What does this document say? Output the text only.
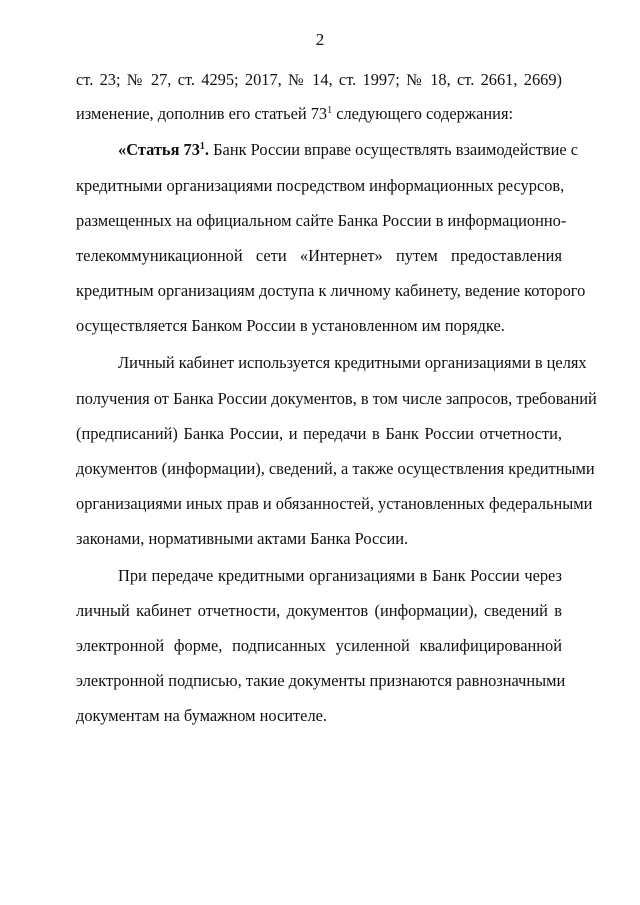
2
ст. 23; № 27, ст. 4295; 2017, № 14, ст. 1997; № 18, ст. 2661, 2669)
изменение, дополнив его статьей $73^1$ следующего содержания:
«Статья $73^1$. Банк России вправе осуществлять взаимодействие с
кредитными организациями посредством информационных ресурсов,
размещенных на официальном сайте Банка России в информационно-
телекоммуникационной сети «Интернет» путем предоставления
кредитным организациям доступа к личному кабинету, ведение которого
осуществляется Банком России в установленном им порядке.
Личный кабинет используется кредитными организациями в целях
получения от Банка России документов, в том числе запросов, требований
(предписаний) Банка России, и передачи в Банк России отчетности,
документов (информации), сведений, а также осуществления кредитными
организациями иных прав и обязанностей, установленных федеральными
законами, нормативными актами Банка России.
При передаче кредитными организациями в Банк России через
личный кабинет отчетности, документов (информации), сведений в
электронной форме, подписанных усиленной квалифицированной
электронной подписью, такие документы признаются равнозначными
документам на бумажном носителе.
